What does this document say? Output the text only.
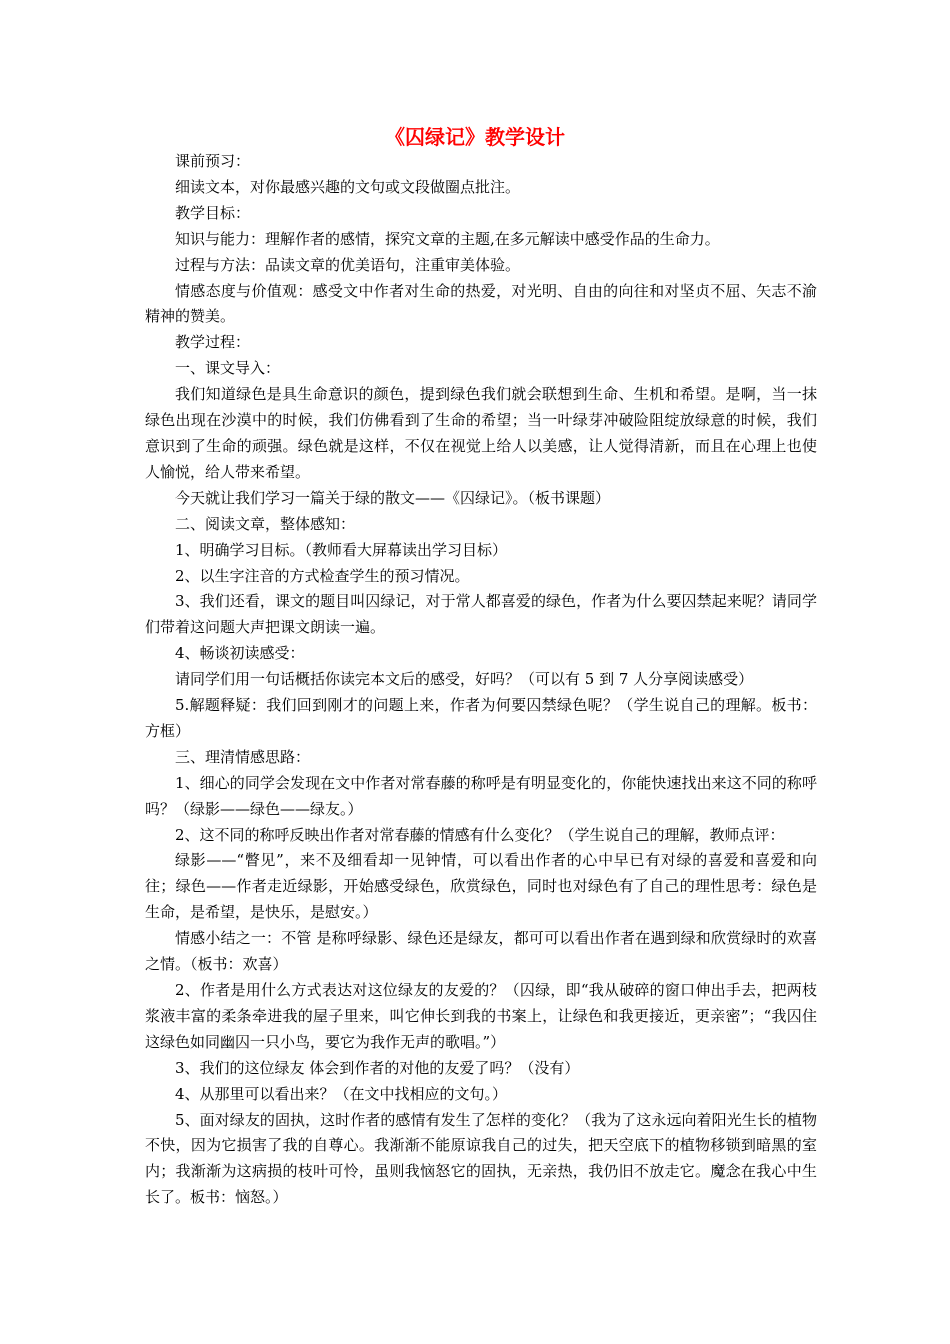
《囚绿记》教学设计

课前预习：

细读文本，对你最感兴趣的文句或文段做圈点批注。

教学目标：

知识与能力：理解作者的感情，探究文章的主题,在多元解读中感受作品的生命力。

过程与方法：品读文章的优美语句，注重审美体验。

情感态度与价值观：感受文中作者对生命的热爱，对光明、自由的向往和对坚贞不屈、矢志不渝精神的赞美。

教学过程：

一、课文导入：

我们知道绿色是具生命意识的颜色，提到绿色我们就会联想到生命、生机和希望。是啊，当一抹绿色出现在沙漠中的时候，我们仿佛看到了生命的希望；当一叶绿芽冲破险阻绽放绿意的时候，我们意识到了生命的顽强。绿色就是这样，不仅在视觉上给人以美感，让人觉得清新，而且在心理上也使人愉悦，给人带来希望。

今天就让我们学习一篇关于绿的散文——《囚绿记》。（板书课题）

二、阅读文章，整体感知：

1、明确学习目标。（教师看大屏幕读出学习目标）

2、以生字注音的方式检查学生的预习情况。

3、我们还看，课文的题目叫囚绿记，对于常人都喜爱的绿色，作者为什么要囚禁起来呢？请同学们带着这问题大声把课文朗读一遍。

4、畅谈初读感受：

请同学们用一句话概括你读完本文后的感受，好吗？（可以有 5 到 7 人分享阅读感受）

5.解题释疑：我们回到刚才的问题上来，作者为何要囚禁绿色呢？（学生说自己的理解。板书：方框）

三、理清情感思路：

1、细心的同学会发现在文中作者对常春藤的称呼是有明显变化的，你能快速找出来这不同的称呼吗？（绿影——绿色——绿友。）

2、这不同的称呼反映出作者对常春藤的情感有什么变化？（学生说自己的理解，教师点评：

绿影——“瞥见”，来不及细看却一见钟情，可以看出作者的心中早已有对绿的喜爱和喜爱和向往；绿色——作者走近绿影，开始感受绿色，欣赏绿色，同时也对绿色有了自己的理性思考：绿色是生命，是希望，是快乐，是慰安。）

情感小结之一：不管 是称呼绿影、绿色还是绿友，都可可以看出作者在遇到绿和欣赏绿时的欢喜之情。（板书：欢喜）

2、作者是用什么方式表达对这位绿友的友爱的？（囚绿，即“我从破碎的窗口伸出手去，把两枝浆液丰富的柔条牵进我的屋子里来，叫它伸长到我的书案上，让绿色和我更接近，更亲密”；“我囚住这绿色如同幽囚一只小鸟，要它为我作无声的歌唱。”）

3、我们的这位绿友 体会到作者的对他的友爱了吗？（没有）

4、从那里可以看出来？（在文中找相应的文句。）

5、面对绿友的固执，这时作者的感情有发生了怎样的变化？（我为了这永远向着阳光生长的植物不快，因为它损害了我的自尊心。我渐渐不能原谅我自己的过失，把天空底下的植物移锁到暗黑的室内；我渐渐为这病损的枝叶可怜，虽则我恼怒它的固执，无亲热，我仍旧不放走它。魔念在我心中生长了。板书：恼怒。）
